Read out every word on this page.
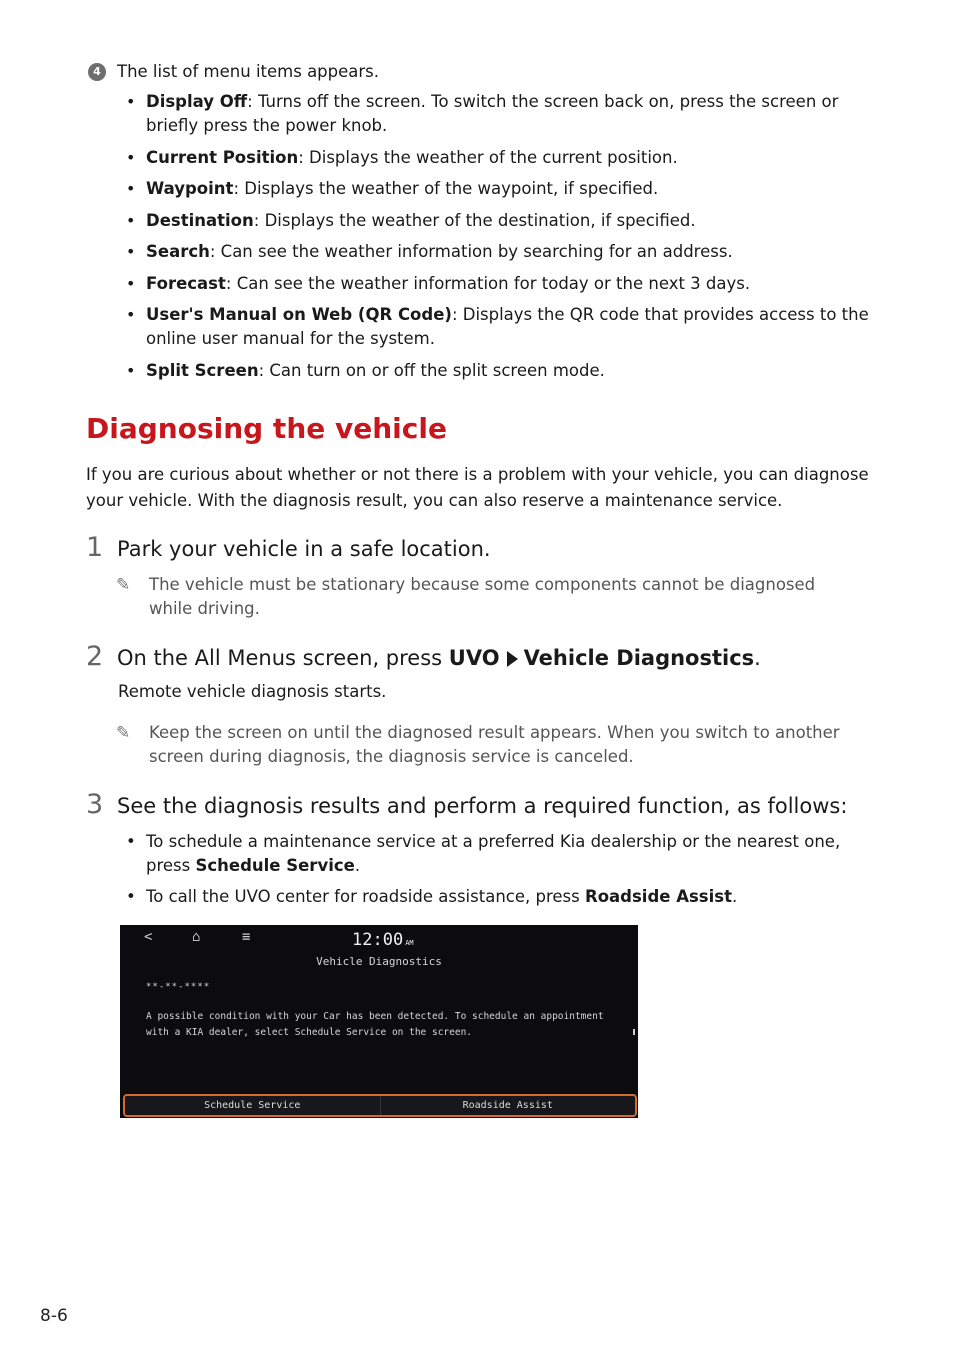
4 The list of menu items appears.
• Display Off: Turns off the screen. To switch the screen back on, press the screen or briefly press the power knob.
• Current Position: Displays the weather of the current position.
• Waypoint: Displays the weather of the waypoint, if specified.
• Destination: Displays the weather of the destination, if specified.
• Search: Can see the weather information by searching for an address.
• Forecast: Can see the weather information for today or the next 3 days.
• User's Manual on Web (QR Code): Displays the QR code that provides access to the online user manual for the system.
• Split Screen: Can turn on or off the split screen mode.
Diagnosing the vehicle

If you are curious about whether or not there is a problem with your vehicle, you can diagnose your vehicle. With the diagnosis result, you can also reserve a maintenance service.

1 Park your vehicle in a safe location.
✎	The vehicle must be stationary because some components cannot be diagnosed while driving.
2 On the All Menus screen, press UVO Vehicle Diagnostics.
Remote vehicle diagnosis starts.
✎	Keep the screen on until the diagnosed result appears. When you switch to another screen during diagnosis, the diagnosis service is canceled.
3 See the diagnosis results and perform a required function, as follows:
• To schedule a maintenance service at a preferred Kia dealership or the nearest one, press Schedule Service.
• To call the UVO center for roadside assistance, press Roadside Assist.
<	⌂	≡	12:00 AM
Vehicle Diagnostics
**-**-****
A possible condition with your Car has been detected. To schedule an appointment with a KIA dealer, select Schedule Service on the screen.
Schedule Service	Roadside Assist
8-6
